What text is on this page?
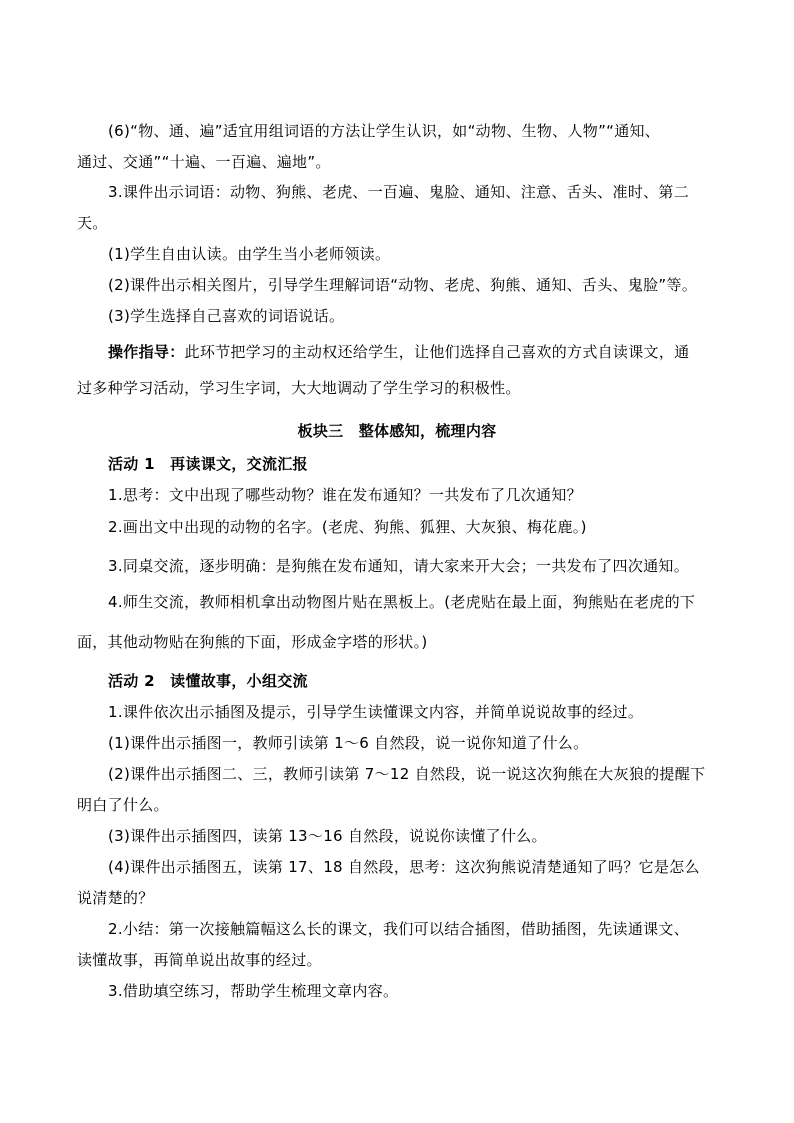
(6)“物、通、遍”适宜用组词语的方法让学生认识，如“动物、生物、人物”“通知、

通过、交通”“十遍、一百遍、遍地”。

3.课件出示词语：动物、狗熊、老虎、一百遍、鬼脸、通知、注意、舌头、准时、第二

天。

(1)学生自由认读。由学生当小老师领读。

(2)课件出示相关图片，引导学生理解词语“动物、老虎、狗熊、通知、舌头、鬼脸”等。

(3)学生选择自己喜欢的词语说话。

操作指导：此环节把学习的主动权还给学生，让他们选择自己喜欢的方式自读课文，通

过多种学习活动，学习生字词，大大地调动了学生学习的积极性。

板块三　整体感知，梳理内容

活动 1　再读课文，交流汇报

1.思考：文中出现了哪些动物？谁在发布通知？一共发布了几次通知？

2.画出文中出现的动物的名字。(老虎、狗熊、狐狸、大灰狼、梅花鹿。)

3.同桌交流，逐步明确：是狗熊在发布通知，请大家来开大会；一共发布了四次通知。

4.师生交流，教师相机拿出动物图片贴在黑板上。(老虎贴在最上面，狗熊贴在老虎的下

面，其他动物贴在狗熊的下面，形成金字塔的形状。)

活动 2　读懂故事，小组交流

1.课件依次出示插图及提示，引导学生读懂课文内容，并简单说说故事的经过。

(1)课件出示插图一，教师引读第 1～6 自然段，说一说你知道了什么。

(2)课件出示插图二、三，教师引读第 7～12 自然段，说一说这次狗熊在大灰狼的提醒下

明白了什么。

(3)课件出示插图四，读第 13～16 自然段，说说你读懂了什么。

(4)课件出示插图五，读第 17、18 自然段，思考：这次狗熊说清楚通知了吗？它是怎么

说清楚的？

2.小结：第一次接触篇幅这么长的课文，我们可以结合插图，借助插图，先读通课文、

读懂故事，再简单说出故事的经过。

3.借助填空练习，帮助学生梳理文章内容。
